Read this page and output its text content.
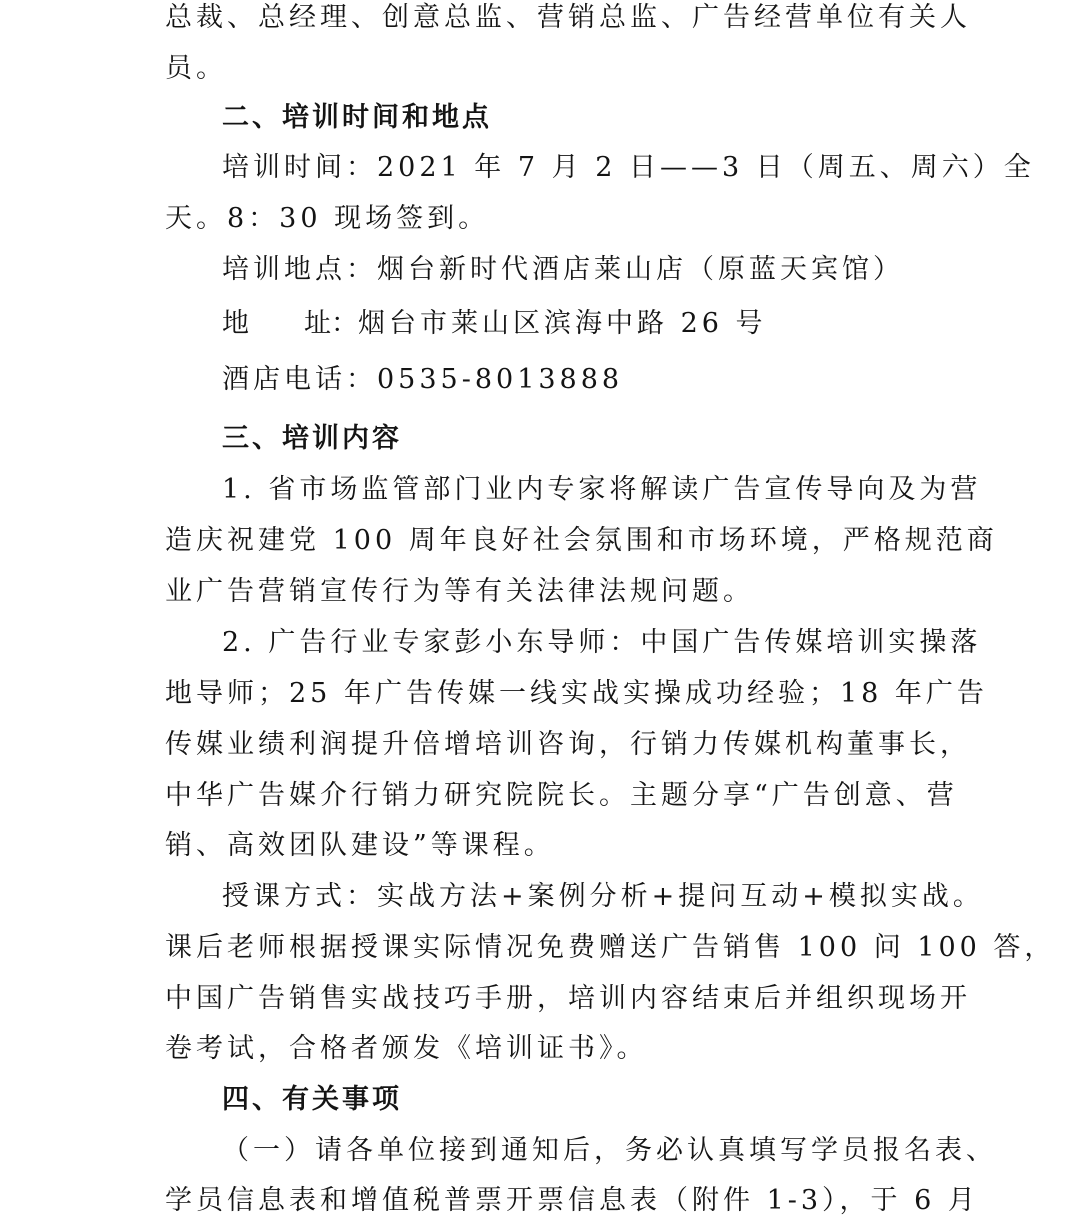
总裁、总经理、创意总监、营销总监、广告经营单位有关人
员。
二、培训时间和地点
培训时间：2021 年 7 月 2 日——3 日（周五、周六）全
天。8：30 现场签到。
培训地点：烟台新时代酒店莱山店（原蓝天宾馆）
地 址：烟台市莱山区滨海中路 26 号
酒店电话：0535-8013888
三、培训内容
1. 省市场监管部门业内专家将解读广告宣传导向及为营
造庆祝建党 100 周年良好社会氛围和市场环境，严格规范商
业广告营销宣传行为等有关法律法规问题。
2. 广告行业专家彭小东导师：中国广告传媒培训实操落
地导师；25 年广告传媒一线实战实操成功经验；18 年广告
传媒业绩利润提升倍增培训咨询，行销力传媒机构董事长，
中华广告媒介行销力研究院院长。主题分享“广告创意、营
销、高效团队建设”等课程。
授课方式：实战方法+案例分析+提问互动+模拟实战。
课后老师根据授课实际情况免费赠送广告销售 100 问 100 答，
中国广告销售实战技巧手册，培训内容结束后并组织现场开
卷考试，合格者颁发《培训证书》。
四、有关事项
（一）请各单位接到通知后，务必认真填写学员报名表、
学员信息表和增值税普票开票信息表（附件 1-3），于 6 月
